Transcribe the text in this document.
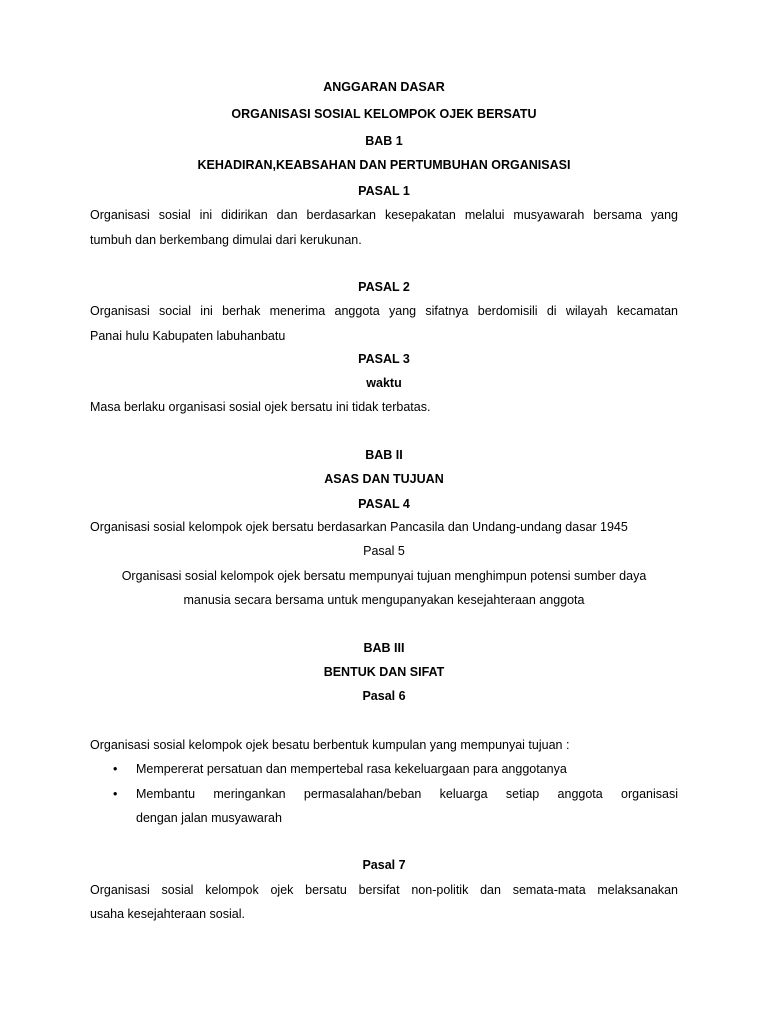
ANGGARAN DASAR
ORGANISASI SOSIAL KELOMPOK OJEK BERSATU
BAB 1
KEHADIRAN,KEABSAHAN DAN PERTUMBUHAN ORGANISASI
PASAL 1
Organisasi sosial ini didirikan dan berdasarkan kesepakatan melalui musyawarah bersama yang
tumbuh dan berkembang dimulai dari kerukunan.
PASAL 2
Organisasi social ini berhak menerima anggota yang sifatnya berdomisili di wilayah kecamatan
Panai hulu Kabupaten labuhanbatu
PASAL 3
waktu
Masa berlaku organisasi sosial ojek bersatu ini tidak terbatas.
BAB II
ASAS DAN TUJUAN
PASAL 4
Organisasi sosial kelompok ojek bersatu berdasarkan Pancasila dan Undang-undang dasar 1945
Pasal 5
Organisasi sosial kelompok ojek bersatu mempunyai tujuan menghimpun potensi sumber daya
manusia secara bersama untuk mengupanyakan kesejahteraan anggota
BAB III
BENTUK DAN SIFAT
Pasal 6
Organisasi sosial kelompok ojek besatu berbentuk kumpulan yang mempunyai tujuan :
• Mempererat persatuan dan mempertebal rasa kekeluargaan para anggotanya
• Membantu meringankan permasalahan/beban keluarga setiap anggota organisasi
dengan jalan musyawarah
Pasal 7
Organisasi sosial kelompok ojek bersatu bersifat non-politik dan semata-mata melaksanakan
usaha kesejahteraan sosial.
